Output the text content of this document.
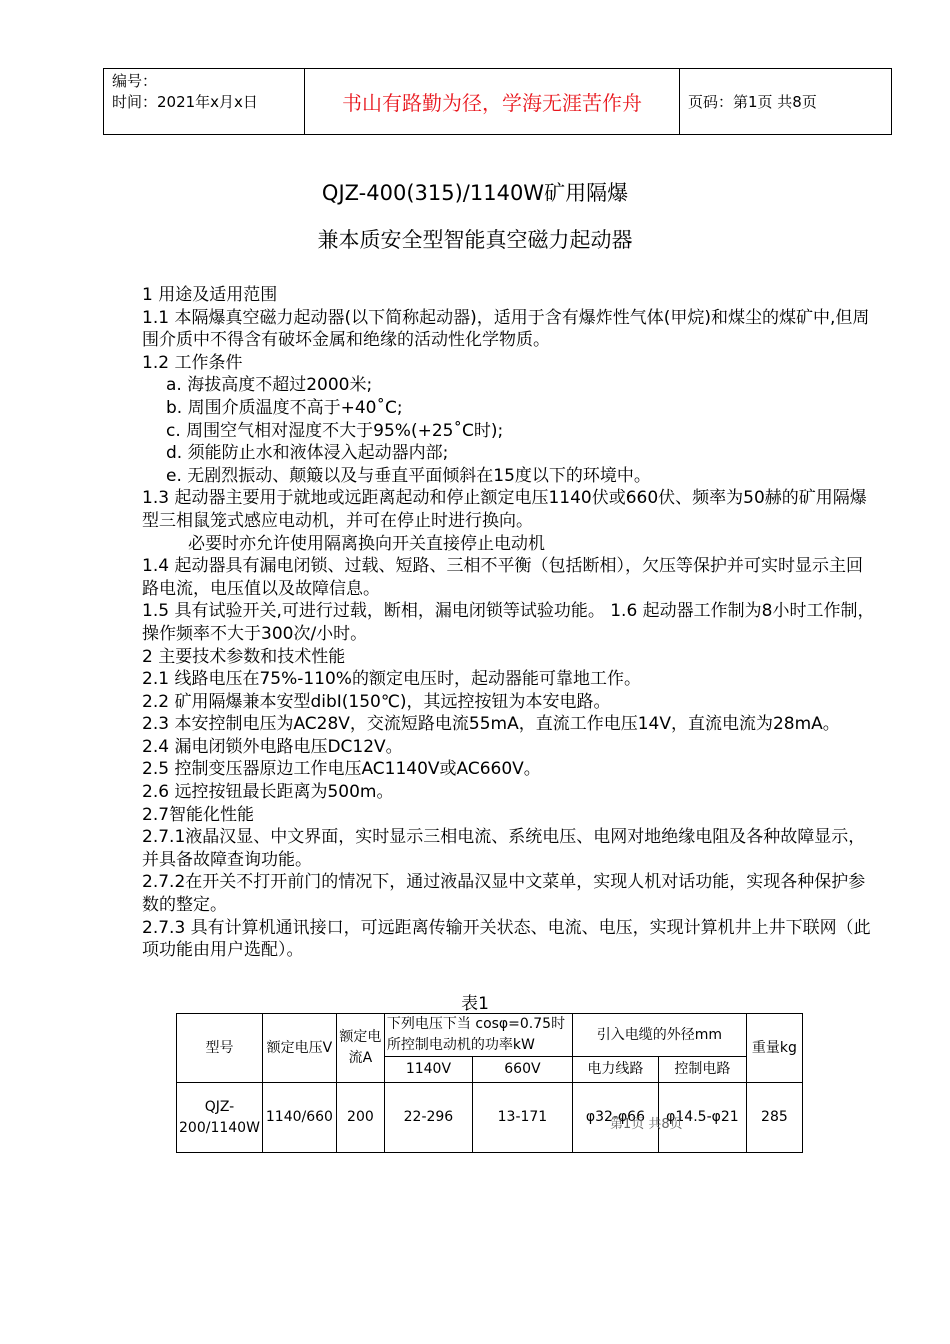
编号：
时间：2021年x月x日	书山有路勤为径，学海无涯苦作舟	页码：第1页 共8页
QJZ-400(315)/1140W矿用隔爆
兼本质安全型智能真空磁力起动器

1 用途及适用范围

1.1 本隔爆真空磁力起动器(以下简称起动器)，适用于含有爆炸性气体(甲烷)和煤尘的煤矿中,但周围介质中不得含有破坏金属和绝缘的活动性化学物质。

1.2 工作条件

a. 海拔高度不超过2000米;

b. 周围介质温度不高于+40˚C;

c. 周围空气相对湿度不大于95%(+25˚C时);

d. 须能防止水和液体浸入起动器内部;

e. 无剧烈振动、颠簸以及与垂直平面倾斜在15度以下的环境中。

1.3 起动器主要用于就地或远距离起动和停止额定电压1140伏或660伏、频率为50赫的矿用隔爆型三相鼠笼式感应电动机，并可在停止时进行换向。

必要时亦允许使用隔离换向开关直接停止电动机

1.4 起动器具有漏电闭锁、过载、短路、三相不平衡（包括断相），欠压等保护并可实时显示主回路电流，电压值以及故障信息。

1.5 具有试验开关,可进行过载，断相，漏电闭锁等试验功能。 1.6 起动器工作制为8小时工作制，操作频率不大于300次/小时。

2 主要技术参数和技术性能

2.1 线路电压在75%-110%的额定电压时，起动器能可靠地工作。

2.2 矿用隔爆兼本安型dibI(150℃)，其远控按钮为本安电路。

2.3 本安控制电压为AC28V，交流短路电流55mA，直流工作电压14V，直流电流为28mA。

2.4 漏电闭锁外电路电压DC12V。

2.5 控制变压器原边工作电压AC1140V或AC660V。

2.6 远控按钮最长距离为500m。

2.7智能化性能

2.7.1液晶汉显、中文界面，实时显示三相电流、系统电压、电网对地绝缘电阻及各种故障显示，并具备故障查询功能。

2.7.2在开关不打开前门的情况下，通过液晶汉显中文菜单，实现人机对话功能，实现各种保护参数的整定。

2.7.3 具有计算机通讯接口，可远距离传输开关状态、电流、电压，实现计算机井上井下联网（此项功能由用户选配）。

表1
型号	额定电压V	额定电流A	下列电压下当 cosφ=0.75时所控制电动机的功率kW		引入电缆的外径mm		重量kg
			1140V	660V	电力线路	控制电路	
QJZ-200/1140W	1140/660	200	22-296	13-171	φ32-φ66	φ14.5-φ21	285
第1页 共8页
